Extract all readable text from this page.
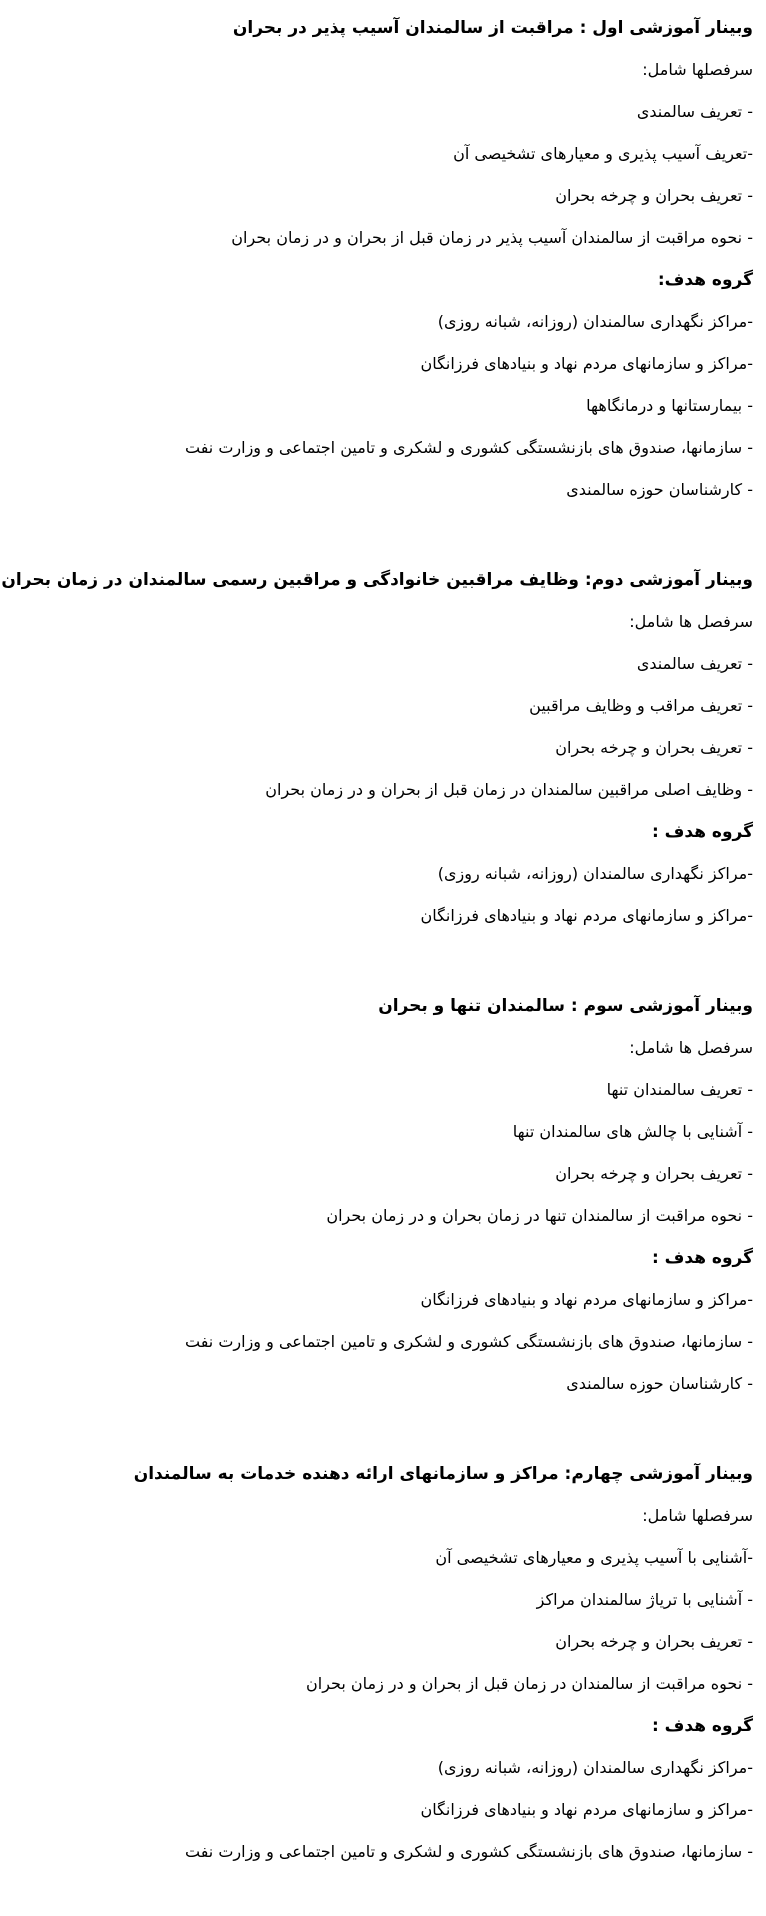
وبینار آموزشی اول : مراقبت از سالمندان آسیب پذیر در بحران

سرفصلها شامل:

- تعریف سالمندی

-تعریف آسیب پذیری و معیارهای تشخیصی آن

- تعریف بحران و چرخه بحران

- نحوه مراقبت از سالمندان آسیب پذیر در زمان قبل از بحران و در زمان بحران

گروه هدف:

-مراکز نگهداری سالمندان (روزانه، شبانه روزی)

-مراکز و سازمانهای مردم نهاد و بنیادهای فرزانگان

- بیمارستانها و درمانگاهها

- سازمانها، صندوق های بازنشستگی کشوری و لشکری و تامین اجتماعی و وزارت نفت

- کارشناسان حوزه سالمندی

وبینار آموزشی دوم: وظایف مراقبین خانوادگی و مراقبین رسمی سالمندان در زمان بحران

سرفصل ها شامل:

- تعریف سالمندی

- تعریف مراقب و وظایف مراقبین

- تعریف بحران و چرخه بحران

- وظایف اصلی مراقبین سالمندان در زمان قبل از بحران و در زمان بحران

گروه هدف :

-مراکز نگهداری سالمندان (روزانه، شبانه روزی)

-مراکز و سازمانهای مردم نهاد و بنیادهای فرزانگان

وبینار آموزشی سوم : سالمندان تنها و بحران

سرفصل ها شامل:

- تعریف سالمندان تنها

- آشنایی با چالش های سالمندان تنها

- تعریف بحران و چرخه بحران

- نحوه مراقبت از سالمندان تنها در زمان بحران و در زمان بحران

گروه هدف :

-مراکز و سازمانهای مردم نهاد و بنیادهای فرزانگان

- سازمانها، صندوق های بازنشستگی کشوری و لشکری و تامین اجتماعی و وزارت نفت

- کارشناسان حوزه سالمندی

وبینار آموزشی چهارم: مراکز و سازمانهای ارائه دهنده خدمات به سالمندان

سرفصلها شامل:

-آشنایی با آسیب پذیری و معیارهای تشخیصی آن

- آشنایی با تریاژ سالمندان مراکز

- تعریف بحران و چرخه بحران

- نحوه مراقبت از سالمندان در زمان قبل از بحران و در زمان بحران

گروه هدف :

-مراکز نگهداری سالمندان (روزانه، شبانه روزی)

-مراکز و سازمانهای مردم نهاد و بنیادهای فرزانگان

- سازمانها، صندوق های بازنشستگی کشوری و لشکری و تامین اجتماعی و وزارت نفت
